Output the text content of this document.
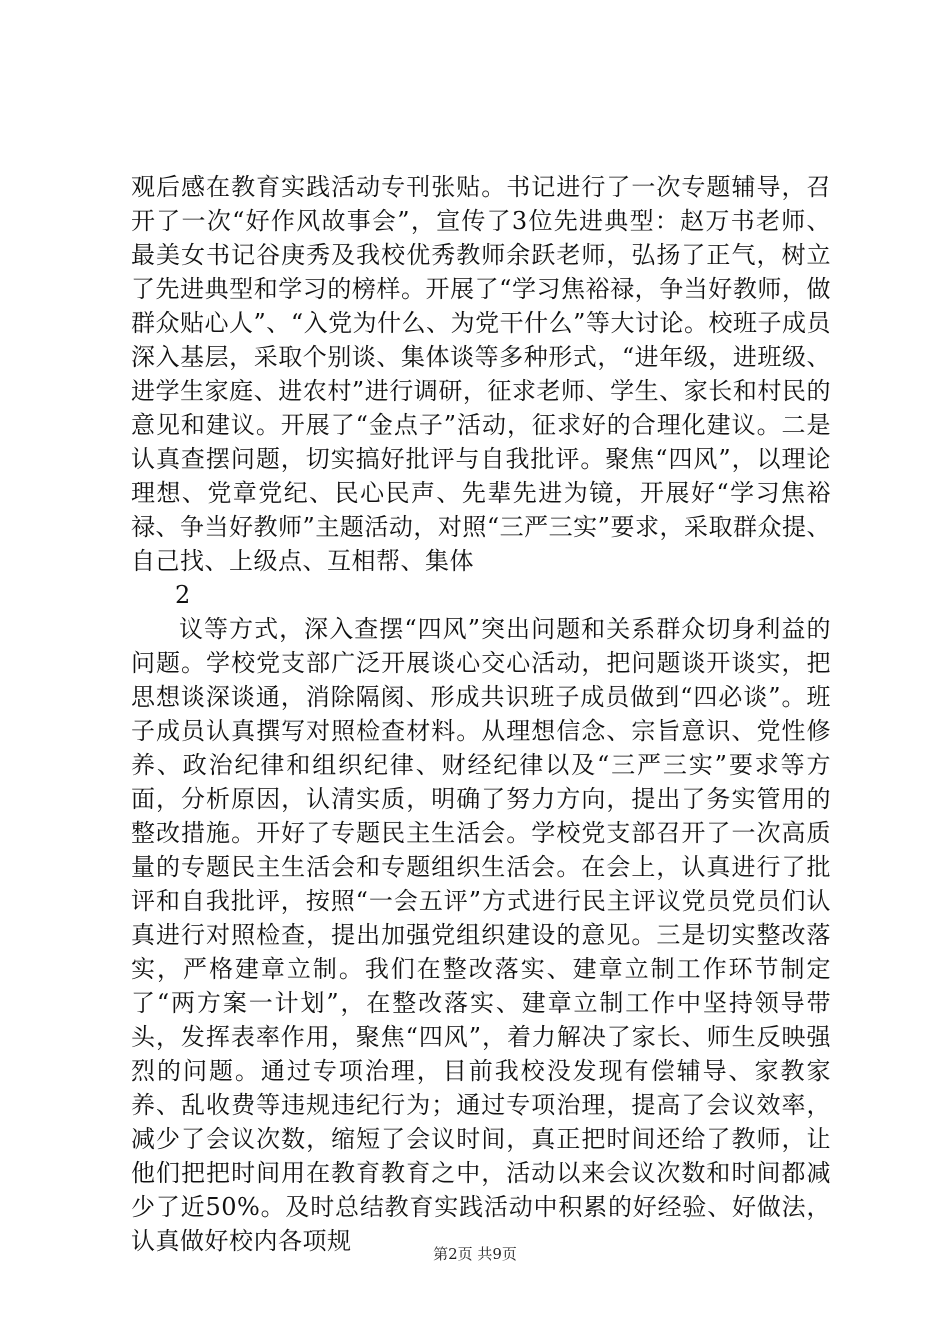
观后感在教育实践活动专刊张贴。书记进行了一次专题辅导，召开了一次“好作风故事会”，宣传了3位先进典型：赵万书老师、最美女书记谷庚秀及我校优秀教师余跃老师，弘扬了正气，树立了先进典型和学习的榜样。开展了“学习焦裕禄，争当好教师，做群众贴心人”、“入党为什么、为党干什么”等大讨论。校班子成员深入基层，采取个别谈、集体谈等多种形式，“进年级，进班级、进学生家庭、进农村”进行调研，征求老师、学生、家长和村民的意见和建议。开展了“金点子”活动，征求好的合理化建议。二是认真查摆问题，切实搞好批评与自我批评。聚焦“四风”，以理论理想、党章党纪、民心民声、先辈先进为镜，开展好“学习焦裕禄、争当好教师”主题活动，对照“三严三实”要求，采取群众提、自己找、上级点、互相帮、集体

2

议等方式，深入查摆“四风”突出问题和关系群众切身利益的问题。学校党支部广泛开展谈心交心活动，把问题谈开谈实，把思想谈深谈通，消除隔阂、形成共识班子成员做到“四必谈”。班子成员认真撰写对照检查材料。从理想信念、宗旨意识、党性修养、政治纪律和组织纪律、财经纪律以及“三严三实”要求等方面，分析原因，认清实质，明确了努力方向，提出了务实管用的整改措施。开好了专题民主生活会。学校党支部召开了一次高质量的专题民主生活会和专题组织生活会。在会上，认真进行了批评和自我批评，按照“一会五评”方式进行民主评议党员党员们认真进行对照检查，提出加强党组织建设的意见。三是切实整改落实，严格建章立制。我们在整改落实、建章立制工作环节制定了“两方案一计划”，在整改落实、建章立制工作中坚持领导带头，发挥表率作用，聚焦“四风”，着力解决了家长、师生反映强烈的问题。通过专项治理，目前我校没发现有偿辅导、家教家养、乱收费等违规违纪行为；通过专项治理，提高了会议效率，减少了会议次数，缩短了会议时间，真正把时间还给了教师，让他们把把时间用在教育教育之中，活动以来会议次数和时间都减少了近50%。及时总结教育实践活动中积累的好经验、好做法，认真做好校内各项规	第2页 共9页
